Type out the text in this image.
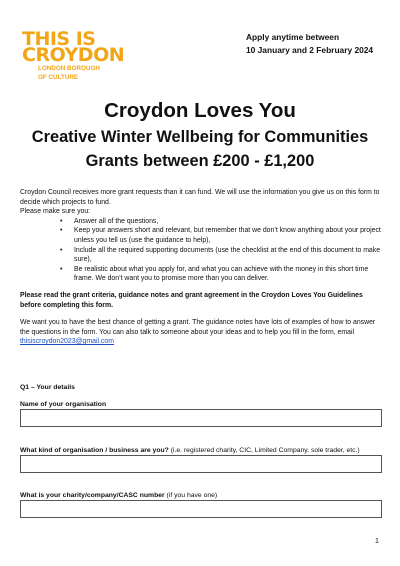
THIS IS
CROYDON
LONDON BOROUGH
OF CULTURE
Apply anytime between
10 January and 2 February 2024
Croydon Loves You
Creative Winter Wellbeing for Communities
Grants between £200 - £1,200

Croydon Council receives more grant requests than it can fund. We will use the information you give us on this form to decide which projects to fund.

Please make sure you:

• Answer all of the questions,
• Keep your answers short and relevant, but remember that we don’t know anything about your project unless you tell us (use the guidance to help),
• Include all the required supporting documents (use the checklist at the end of this document to make sure),
• Be realistic about what you apply for, and what you can achieve with the money in this short time frame. We don’t want you to promise more than you can deliver.

Please read the grant criteria, guidance notes and grant agreement in the Croydon Loves You Guidelines before completing this form.

We want you to have the best chance of getting a grant. The guidance notes have lots of examples of how to answer the questions in the form. You can also talk to someone about your ideas and to help you fill in the form, email thisiscroydon2023@gmail.com

Q1 – Your details
Name of your organisation
What kind of organisation / business are you? (i.e. registered charity, CIC, Limited Company, sole trader, etc.)
What is your charity/company/CASC number (if you have one)
1
